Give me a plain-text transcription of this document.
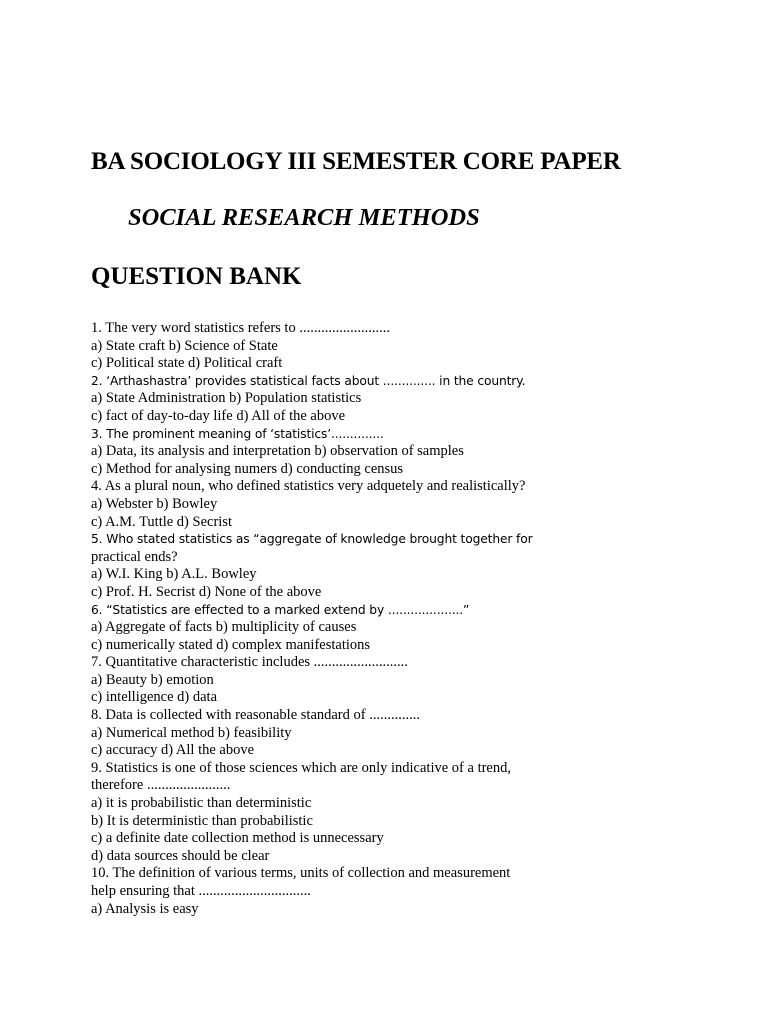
BA SOCIOLOGY III SEMESTER CORE PAPER
SOCIAL RESEARCH METHODS
QUESTION BANK
1. The very word statistics refers to .........................
a) State craft b) Science of State
c) Political state d) Political craft
2. ‘Arthashastra’ provides statistical facts about .............. in the country.
a) State Administration b) Population statistics
c) fact of day-to-day life d) All of the above
3. The prominent meaning of ‘statistics’..............
a) Data, its analysis and interpretation b) observation of samples
c) Method for analysing numers d) conducting census
4. As a plural noun, who defined statistics very adquetely and realistically?
a) Webster b) Bowley
c) A.M. Tuttle d) Secrist
5. Who stated statistics as “aggregate of knowledge brought together for
practical ends?
a) W.I. King b) A.L. Bowley
c) Prof. H. Secrist d) None of the above
6. “Statistics are effected to a marked extend by ....................”
a) Aggregate of facts b) multiplicity of causes
c) numerically stated d) complex manifestations
7. Quantitative characteristic includes ..........................
a) Beauty b) emotion
c) intelligence d) data
8. Data is collected with reasonable standard of ..............
a) Numerical method b) feasibility
c) accuracy d) All the above
9. Statistics is one of those sciences which are only indicative of a trend,
therefore .......................
a) it is probabilistic than deterministic
b) It is deterministic than probabilistic
c) a definite date collection method is unnecessary
d) data sources should be clear
10. The definition of various terms, units of collection and measurement
help ensuring that ...............................
a) Analysis is easy
